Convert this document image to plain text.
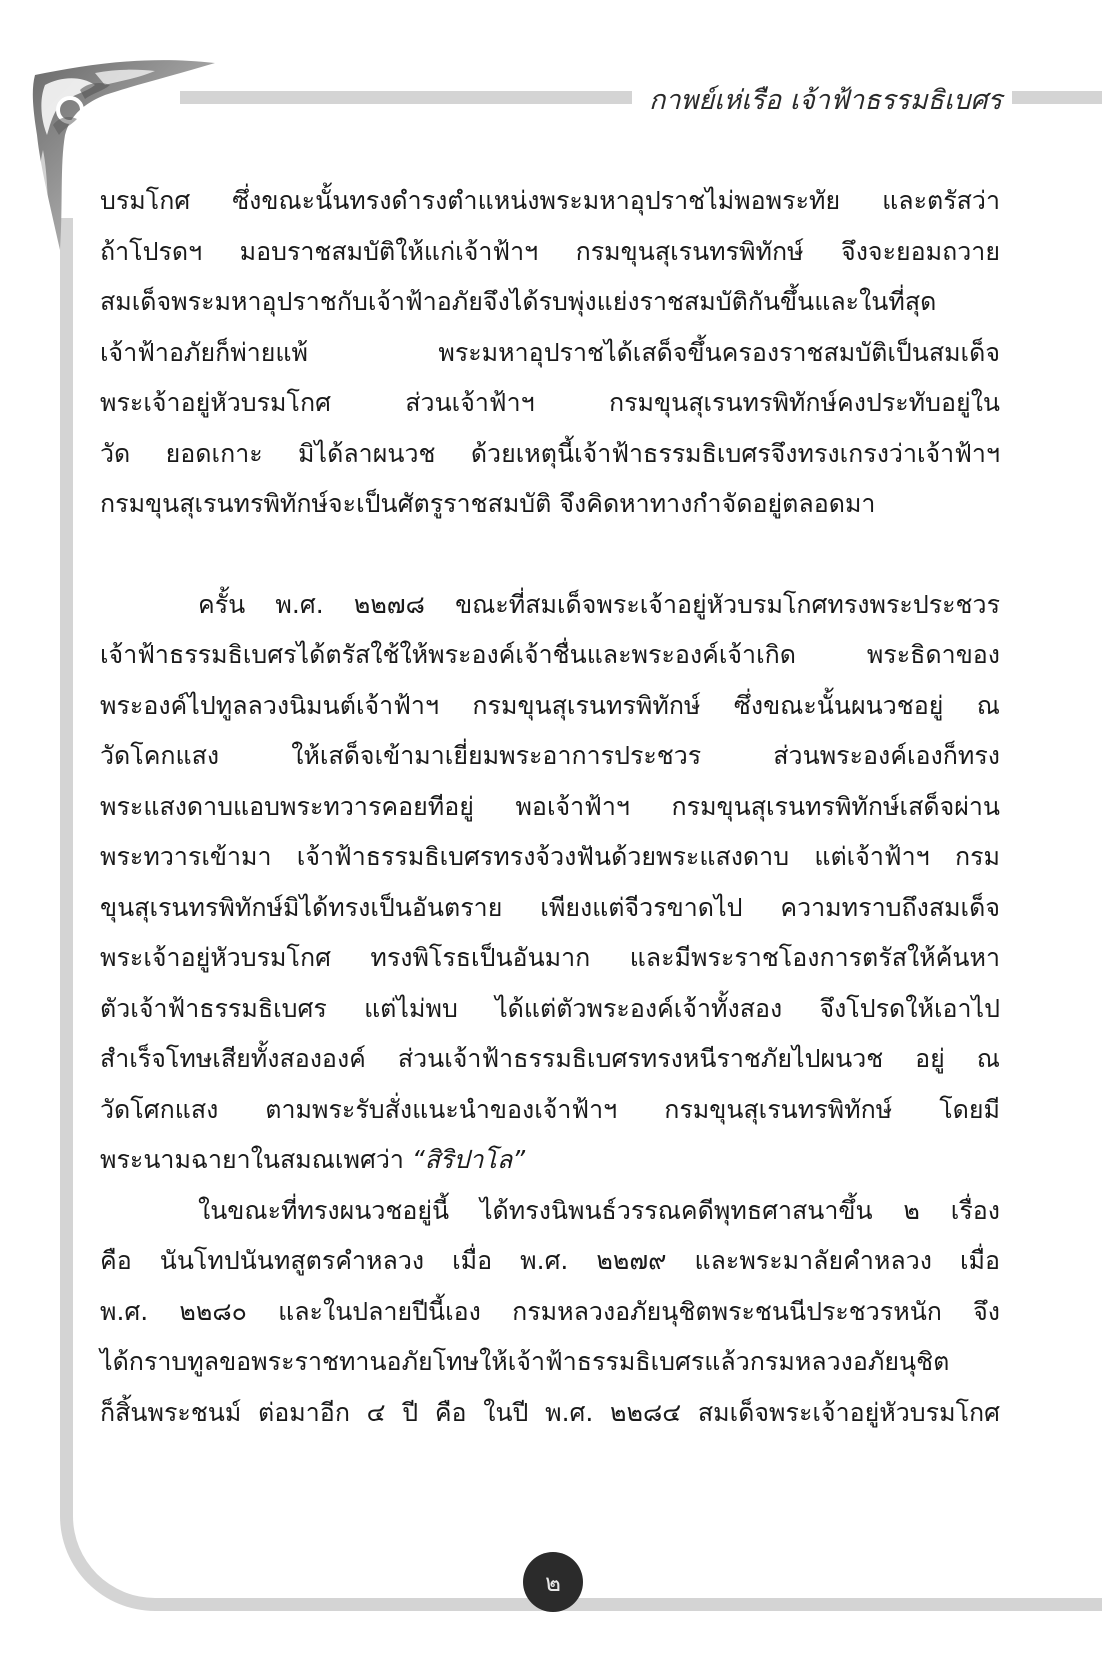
กาพย์เห่เรือ เจ้าฟ้าธรรมธิเบศร
บรมโกศ ซึ่งขณะนั้นทรงดำรงตำแหน่งพระมหาอุปราชไม่พอพระทัย และตรัสว่า
ถ้าโปรดฯ มอบราชสมบัติให้แก่เจ้าฟ้าฯ กรมขุนสุเรนทรพิทักษ์ จึงจะยอมถวาย
สมเด็จพระมหาอุปราชกับเจ้าฟ้าอภัยจึงได้รบพุ่งแย่งราชสมบัติกันขึ้นและในที่สุด
เจ้าฟ้าอภัยก็พ่ายแพ้ พระมหาอุปราชได้เสด็จขึ้นครองราชสมบัติเป็นสมเด็จ
พระเจ้าอยู่หัวบรมโกศ ส่วนเจ้าฟ้าฯ กรมขุนสุเรนทรพิทักษ์คงประทับอยู่ใน
วัด ยอดเกาะ มิได้ลาผนวช ด้วยเหตุนี้เจ้าฟ้าธรรมธิเบศรจึงทรงเกรงว่าเจ้าฟ้าฯ
กรมขุนสุเรนทรพิทักษ์จะเป็นศัตรูราชสมบัติ จึงคิดหาทางกำจัดอยู่ตลอดมา
ครั้น พ.ศ. ๒๒๗๘ ขณะที่สมเด็จพระเจ้าอยู่หัวบรมโกศทรงพระประชวร
เจ้าฟ้าธรรมธิเบศรได้ตรัสใช้ให้พระองค์เจ้าชื่นและพระองค์เจ้าเกิด พระธิดาของ
พระองค์ไปทูลลวงนิมนต์เจ้าฟ้าฯ กรมขุนสุเรนทรพิทักษ์ ซึ่งขณะนั้นผนวชอยู่ ณ
วัดโคกแสง ให้เสด็จเข้ามาเยี่ยมพระอาการประชวร ส่วนพระองค์เองก็ทรง
พระแสงดาบแอบพระทวารคอยทีอยู่ พอเจ้าฟ้าฯ กรมขุนสุเรนทรพิทักษ์เสด็จผ่าน
พระทวารเข้ามา เจ้าฟ้าธรรมธิเบศรทรงจ้วงฟันด้วยพระแสงดาบ แต่เจ้าฟ้าฯ กรม
ขุนสุเรนทรพิทักษ์มิได้ทรงเป็นอันตราย เพียงแต่จีวรขาดไป ความทราบถึงสมเด็จ
พระเจ้าอยู่หัวบรมโกศ ทรงพิโรธเป็นอันมาก และมีพระราชโองการตรัสให้ค้นหา
ตัวเจ้าฟ้าธรรมธิเบศร แต่ไม่พบ ได้แต่ตัวพระองค์เจ้าทั้งสอง จึงโปรดให้เอาไป
สำเร็จโทษเสียทั้งสององค์ ส่วนเจ้าฟ้าธรรมธิเบศรทรงหนีราชภัยไปผนวช อยู่ ณ
วัดโศกแสง ตามพระรับสั่งแนะนำของเจ้าฟ้าฯ กรมขุนสุเรนทรพิทักษ์ โดยมี
พระนามฉายาในสมณเพศว่า “สิริปาโล”
ในขณะที่ทรงผนวชอยู่นี้ ได้ทรงนิพนธ์วรรณคดีพุทธศาสนาขึ้น ๒ เรื่อง
คือ นันโทปนันทสูตรคำหลวง เมื่อ พ.ศ. ๒๒๗๙ และพระมาลัยคำหลวง เมื่อ
พ.ศ. ๒๒๘๐ และในปลายปีนี้เอง กรมหลวงอภัยนุชิตพระชนนีประชวรหนัก จึง
ได้กราบทูลขอพระราชทานอภัยโทษให้เจ้าฟ้าธรรมธิเบศรแล้วกรมหลวงอภัยนุชิต
ก็สิ้นพระชนม์ ต่อมาอีก ๔ ปี คือ ในปี พ.ศ. ๒๒๘๔ สมเด็จพระเจ้าอยู่หัวบรมโกศ
๒
